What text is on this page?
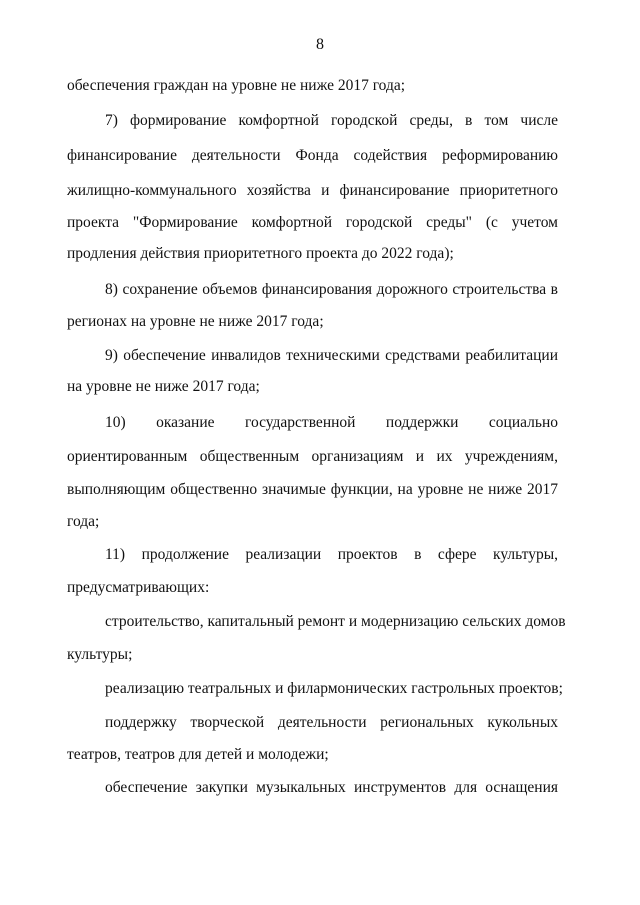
8
обеспечения граждан на уровне не ниже 2017 года;
7) формирование комфортной городской среды, в том числе
финансирование деятельности Фонда содействия реформированию
жилищно-коммунального хозяйства и финансирование приоритетного
проекта "Формирование комфортной городской среды" (с учетом
продления действия приоритетного проекта до 2022 года);
8) сохранение объемов финансирования дорожного строительства в
регионах на уровне не ниже 2017 года;
9) обеспечение инвалидов техническими средствами реабилитации
на уровне не ниже 2017 года;
10) оказание государственной поддержки социально
ориентированным общественным организациям и их учреждениям,
выполняющим общественно значимые функции, на уровне не ниже 2017
года;
11) продолжение реализации проектов в сфере культуры,
предусматривающих:
строительство, капитальный ремонт и модернизацию сельских домов
культуры;
реализацию театральных и филармонических гастрольных проектов;
поддержку творческой деятельности региональных кукольных
театров, театров для детей и молодежи;
обеспечение закупки музыкальных инструментов для оснащения
